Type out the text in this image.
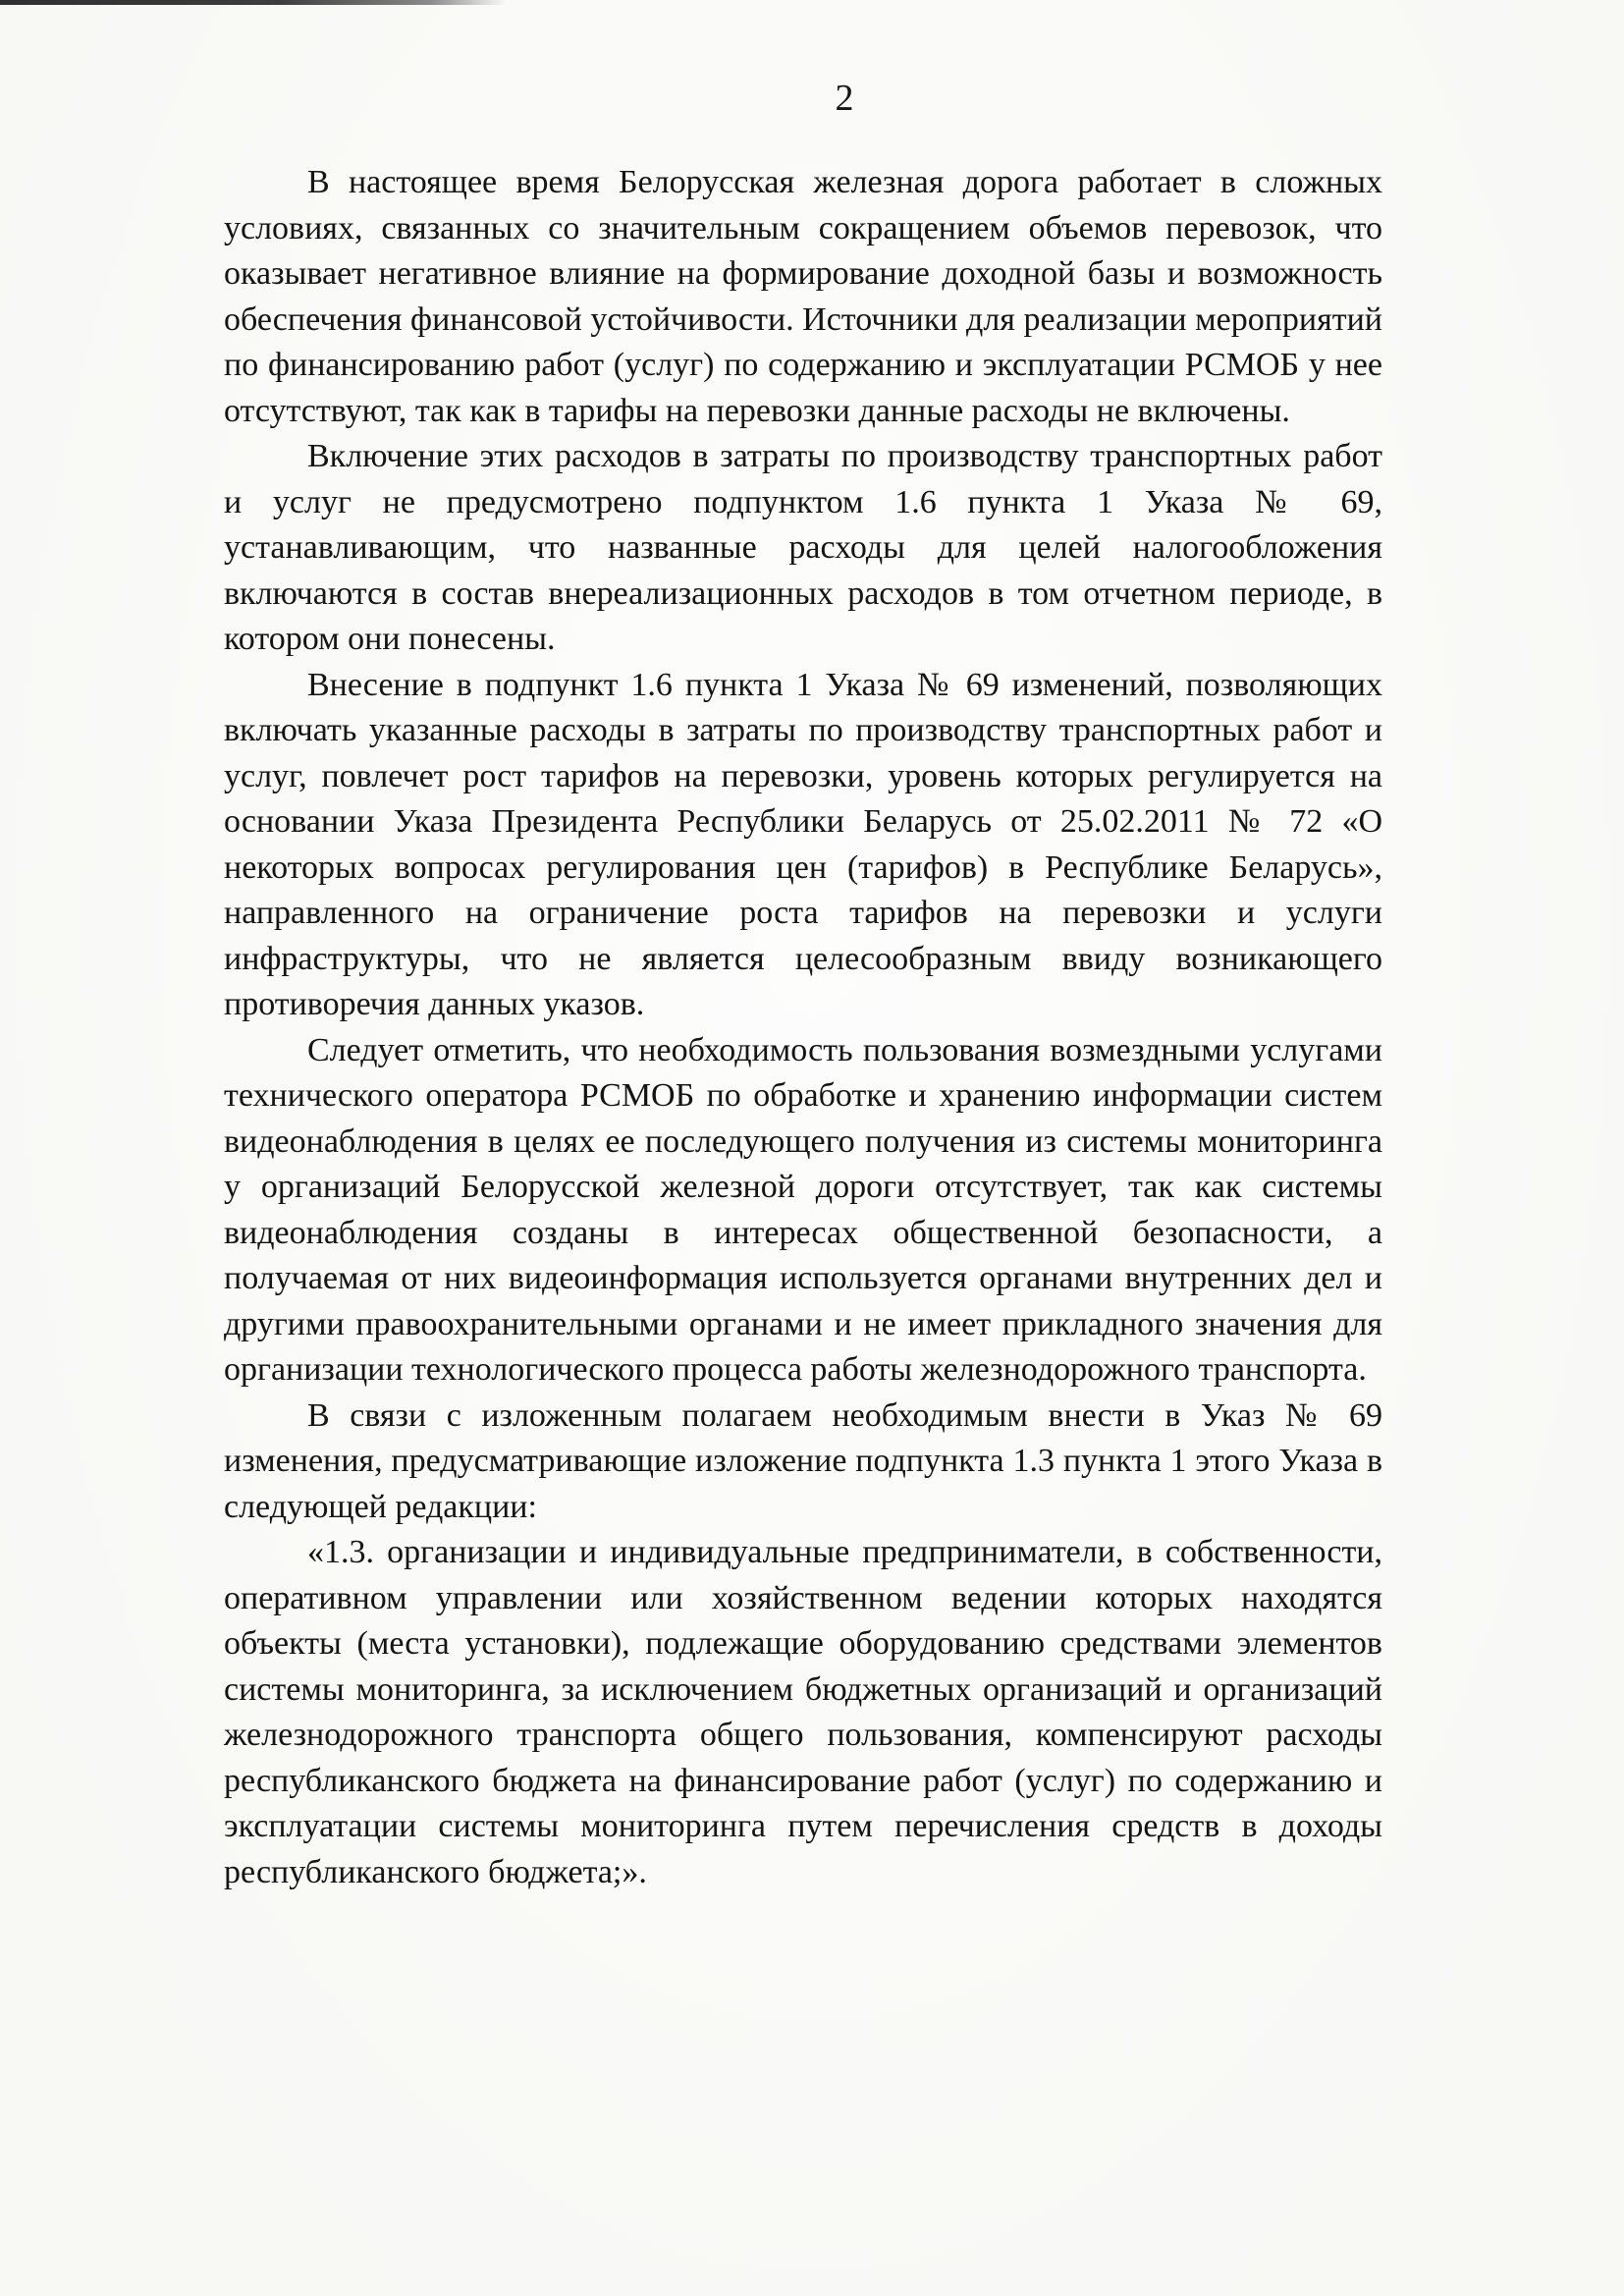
2

В настоящее время Белорусская железная дорога работает в сложных условиях, связанных со значительным сокращением объемов перевозок, что оказывает негативное влияние на формирование доходной базы и возможность обеспечения финансовой устойчивости. Источники для реализации мероприятий по финансированию работ (услуг) по содержанию и эксплуатации РСМОБ у нее отсутствуют, так как в тарифы на перевозки данные расходы не включены.

Включение этих расходов в затраты по производству транспортных работ и услуг не предусмотрено подпунктом 1.6 пункта 1 Указа № 69, устанавливающим, что названные расходы для целей налогообложения включаются в состав внереализационных расходов в том отчетном периоде, в котором они понесены.

Внесение в подпункт 1.6 пункта 1 Указа № 69 изменений, позволяющих включать указанные расходы в затраты по производству транспортных работ и услуг, повлечет рост тарифов на перевозки, уровень которых регулируется на основании Указа Президента Республики Беларусь от 25.02.2011 № 72 «О некоторых вопросах регулирования цен (тарифов) в Республике Беларусь», направленного на ограничение роста тарифов на перевозки и услуги инфраструктуры, что не является целесообразным ввиду возникающего противоречия данных указов.

Следует отметить, что необходимость пользования возмездными услугами технического оператора РСМОБ по обработке и хранению информации систем видеонаблюдения в целях ее последующего получения из системы мониторинга у организаций Белорусской железной дороги отсутствует, так как системы видеонаблюдения созданы в интересах общественной безопасности, а получаемая от них видеоинформация используется органами внутренних дел и другими правоохранительными органами и не имеет прикладного значения для организации технологического процесса работы железнодорожного транспорта.

В связи с изложенным полагаем необходимым внести в Указ № 69 изменения, предусматривающие изложение подпункта 1.3 пункта 1 этого Указа в следующей редакции:

«1.3. организации и индивидуальные предприниматели, в собственности, оперативном управлении или хозяйственном ведении которых находятся объекты (места установки), подлежащие оборудованию средствами элементов системы мониторинга, за исключением бюджетных организаций и организаций железнодорожного транспорта общего пользования, компенсируют расходы республиканского бюджета на финансирование работ (услуг) по содержанию и эксплуатации системы мониторинга путем перечисления средств в доходы республиканского бюджета;».
